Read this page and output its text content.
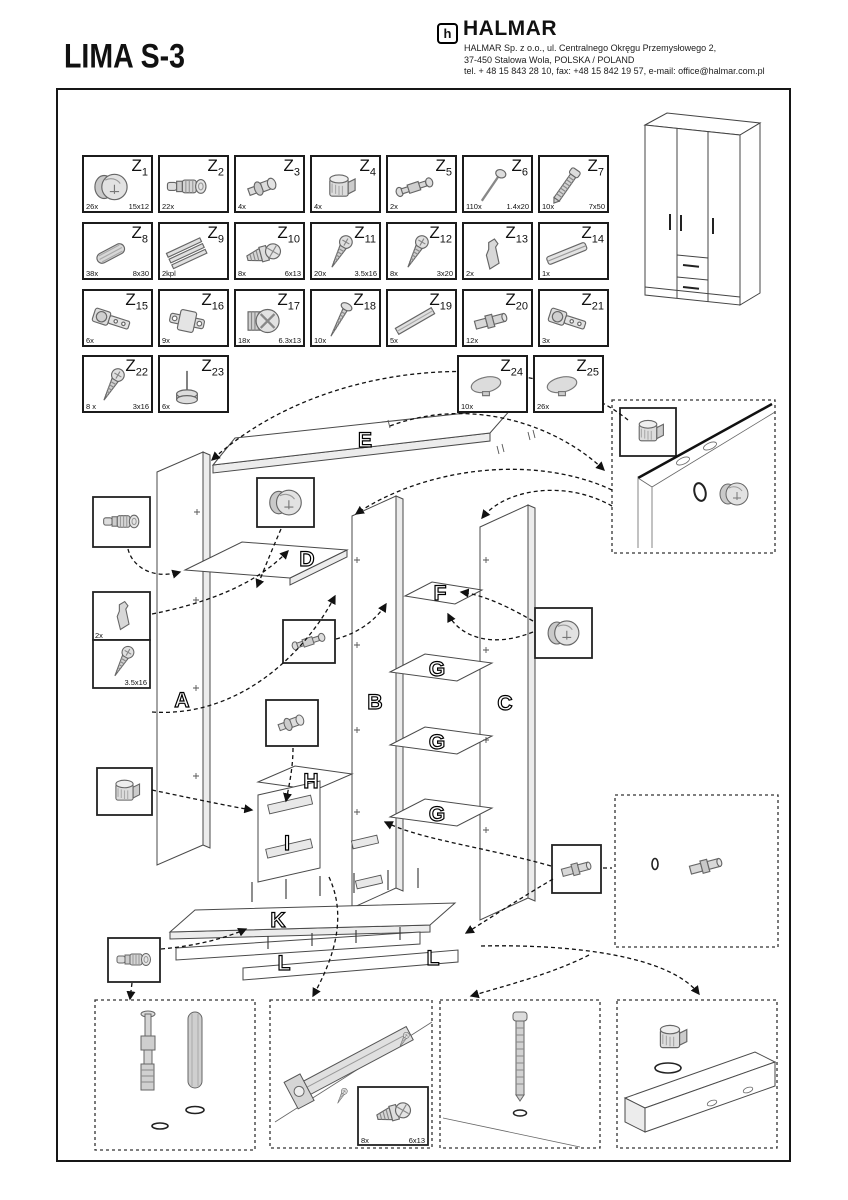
LIMA S-3
h HALMAR
HALMAR Sp. z o.o., ul. Centralnego Okręgu Przemysłowego 2,
37-450 Stalowa Wola, POLSKA / POLAND
tel. + 48 15 843 28 10, fax: +48 15 842 19 57, e-mail: office@halmar.com.pl
E
A	B	C
D
F
G
G
G
H
I
K
L	L
2x
3.5x16
8x	6x13
$Z_1$
26x	15x12
$Z_2$
22x
$Z_3$
4x
$Z_4$
4x
$Z_5$
2x
$Z_6$
110x	1.4x20
$Z_7$
10x	7x50
$Z_8$
38x	8x30
$Z_9$
2kpl
$Z_{10}$
8x	6x13
$Z_{11}$
20x	3.5x16
$Z_{12}$
8x	3x20
$Z_{13}$
2x
$Z_{14}$
1x
$Z_{15}$
6x
$Z_{16}$
9x
$Z_{17}$
18x	6.3x13
$Z_{18}$
10x
$Z_{19}$
5x
$Z_{20}$
12x
$Z_{21}$
3x
$Z_{22}$
8 x	3x16
$Z_{23}$
6x
$Z_{24}$
10x
$Z_{25}$
26x
